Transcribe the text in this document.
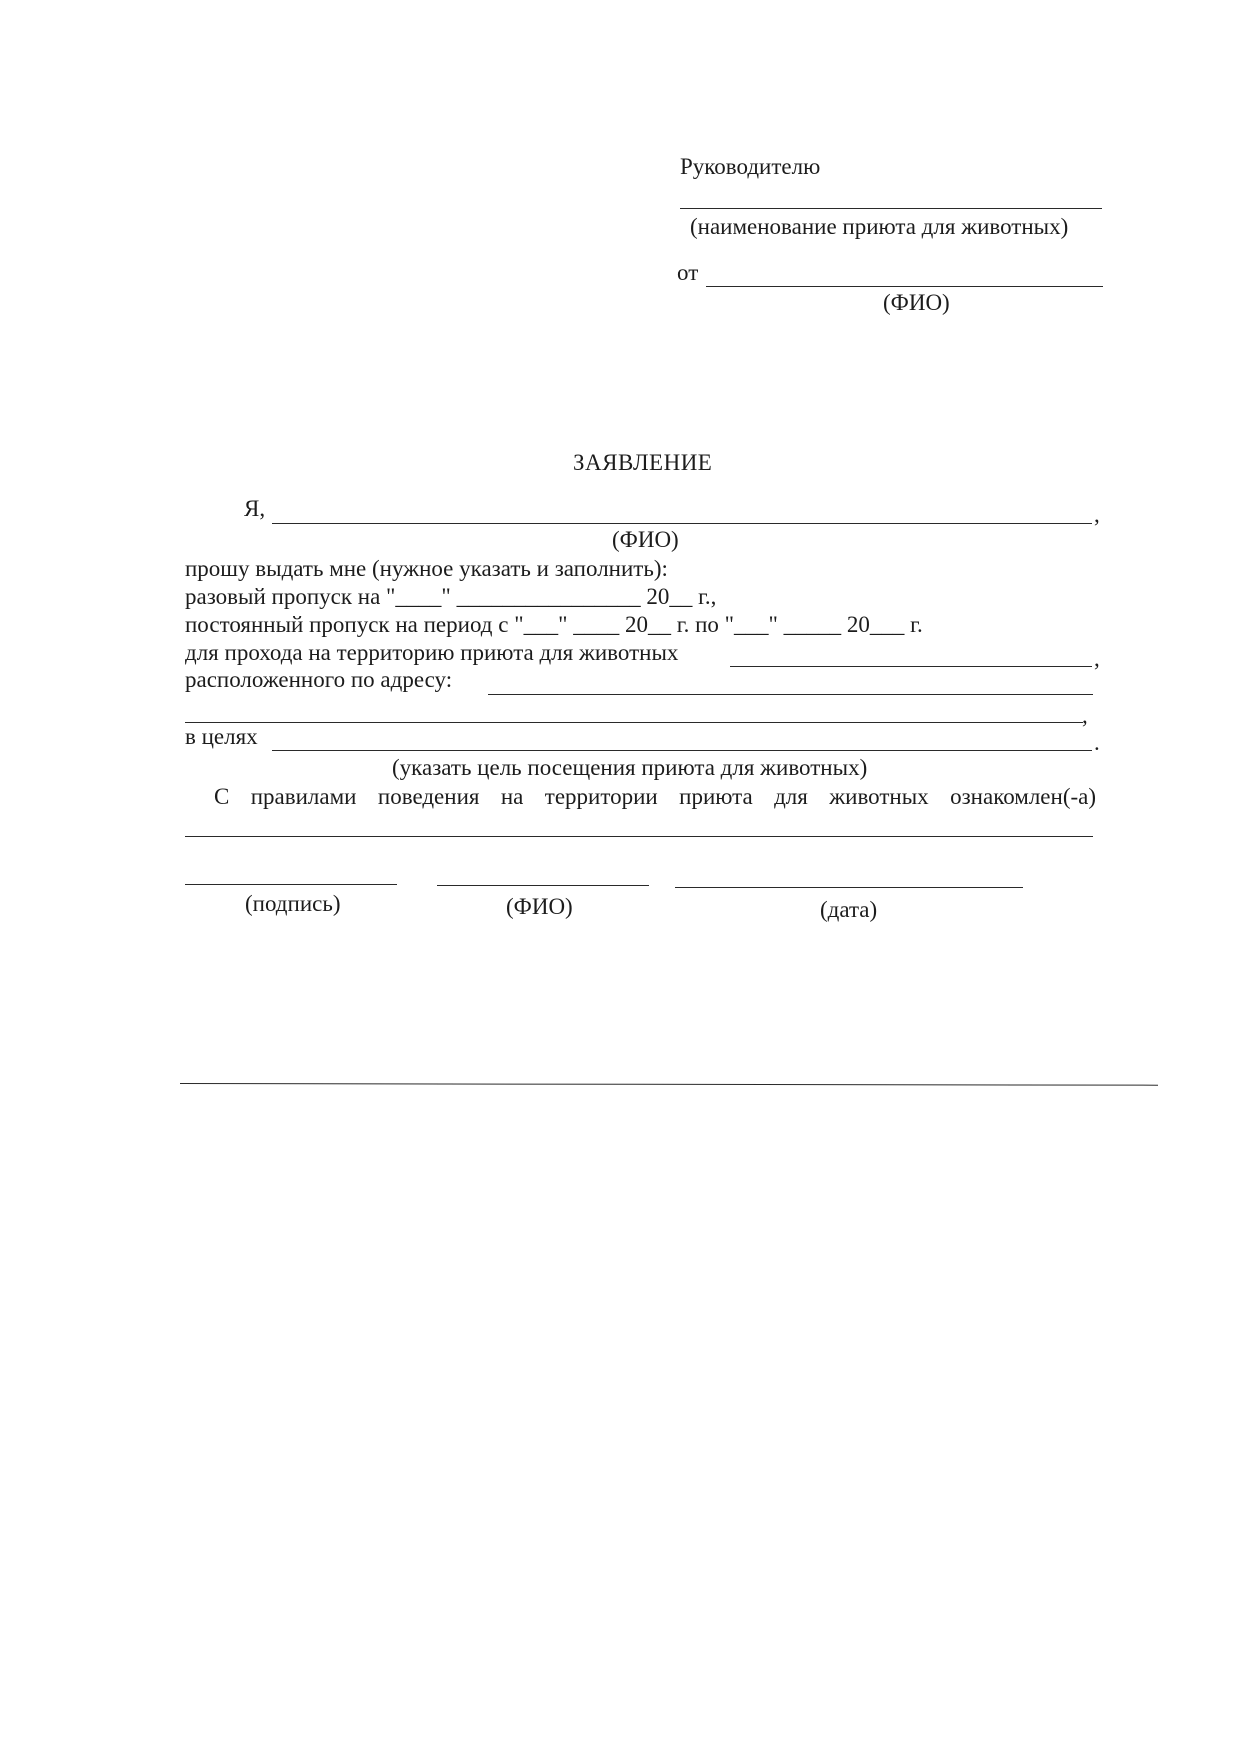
Руководителю
(наименование приюта для животных)
от
(ФИО)
ЗАЯВЛЕНИЕ
Я,	,
(ФИО)
прошу выдать мне (нужное указать и заполнить):
разовый пропуск на "____" ________________ 20__ г.,
постоянный пропуск на период с "___" ____ 20__ г. по "___" _____ 20___ г.
для прохода на территорию приюта для животных	,
расположенного по адресу:
,
в целях	.
(указать цель посещения приюта для животных)
С правилами поведения на территории приюта для животных ознакомлен(-а)
(подпись)	(ФИО)	(дата)
